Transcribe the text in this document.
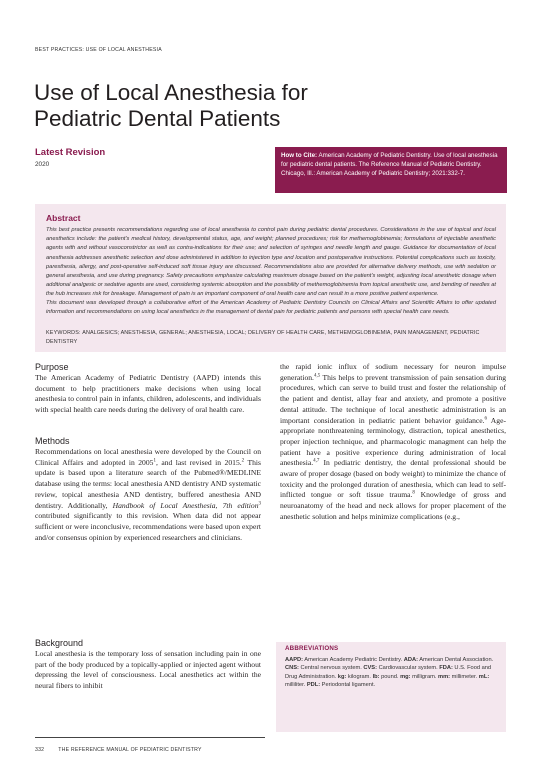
BEST PRACTICES: USE OF LOCAL ANESTHESIA
Use of Local Anesthesia for Pediatric Dental Patients
Latest Revision
2020
How to Cite: American Academy of Pediatric Dentistry. Use of local anesthesia for pediatric dental patients. The Reference Manual of Pediatric Dentistry. Chicago, Ill.: American Academy of Pediatric Dentistry; 2021:332-7.
Abstract
This best practice presents recommendations regarding use of local anesthesia to control pain during pediatric dental procedures. Considerations in the use of topical and local anesthetics include: the patient's medical history, developmental status, age, and weight; planned procedures; risk for methemoglobinemia; formulations of injectable anesthetic agents with and without vasoconstrictor as well as contra-indications for their use; and selection of syringes and needle length and gauge. Guidance for documentation of local anesthesia addresses anesthetic selection and dose administered in addition to injection type and location and postoperative instructions. Potential complications such as toxicity, paresthesia, allergy, and post-operative self-induced soft tissue injury are discussed. Recommendations also are provided for alternative delivery methods, use with sedation or general anesthesia, and use during pregnancy. Safety precautions emphasize calculating maximum dosage based on the patient's weight, adjusting local anesthetic dosage when additional analgesic or sedative agents are used, considering systemic absorption and the possibility of methemoglobinemia from topical anesthetic use, and bending of needles at the hub increases risk for breakage. Management of pain is an important component of oral health care and can result in a more positive patient experience.
This document was developed through a collaborative effort of the American Academy of Pediatric Dentistry Councils on Clinical Affairs and Scientific Affairs to offer updated information and recommendations on using local anesthetics in the management of dental pain for pediatric patients and persons with special health care needs.
KEYWORDS: ANALGESICS; ANESTHESIA, GENERAL; ANESTHESIA, LOCAL; DELIVERY OF HEALTH CARE, METHEMOGLOBINEMIA, PAIN MANAGEMENT, PEDIATRIC DENTISTRY
Purpose

The American Academy of Pediatric Dentistry (AAPD) intends this document to help practitioners make decisions when using local anesthesia to control pain in infants, children, adolescents, and individuals with special health care needs during the delivery of oral health care.

Methods

Recommendations on local anesthesia were developed by the Council on Clinical Affairs and adopted in 2005$^1$, and last revised in 2015.$^2$ This update is based upon a literature search of the Pubmed®/MEDLINE database using the terms: local anesthesia AND dentistry AND systematic review, topical anesthesia AND dentistry, buffered anesthesia AND dentistry. Additionally, Handbook of Local Anesthesia, 7th edition$^3$ contributed significantly to this revision. When data did not appear sufficient or were inconclusive, recommendations were based upon expert and/or consensus opinion by experienced researchers and clinicians.

Background

Local anesthesia is the temporary loss of sensation including pain in one part of the body produced by a topically-applied or injected agent without depressing the level of consciousness. Local anesthetics act within the neural fibers to inhibit

the rapid ionic influx of sodium necessary for neuron impulse generation.$^{4,5}$ This helps to prevent transmission of pain sensation during procedures, which can serve to build trust and foster the relationship of the patient and dentist, allay fear and anxiety, and promote a positive dental attitude. The technique of local anesthetic administration is an important consideration in pediatric patient behavior guidance.$^6$ Age-appropriate nonthreatening terminology, distraction, topical anesthetics, proper injection technique, and pharmacologic managment can help the patient have a positive experience during administration of local anesthesia.$^{4,7}$ In pediatric dentistry, the dental professional should be aware of proper dosage (based on body weight) to minimize the chance of toxicity and the prolonged duration of anesthesia, which can lead to self-inflicted tongue or soft tissue trauma.$^8$ Knowledge of gross and neuroanatomy of the head and neck allows for proper placement of the anesthetic solution and helps minimize complications (e.g.,

ABBREVIATIONS
AAPD: American Academy Pediatric Dentistry. ADA: American Dental Association. CNS: Central nervous system. CVS: Cardiovascular system. FDA: U.S. Food and Drug Administration. kg: kilogram. lb: pound. mg: milligram. mm: millimeter. mL: milliliter. PDL: Periodontal ligament.
332	THE REFERENCE MANUAL OF PEDIATRIC DENTISTRY
